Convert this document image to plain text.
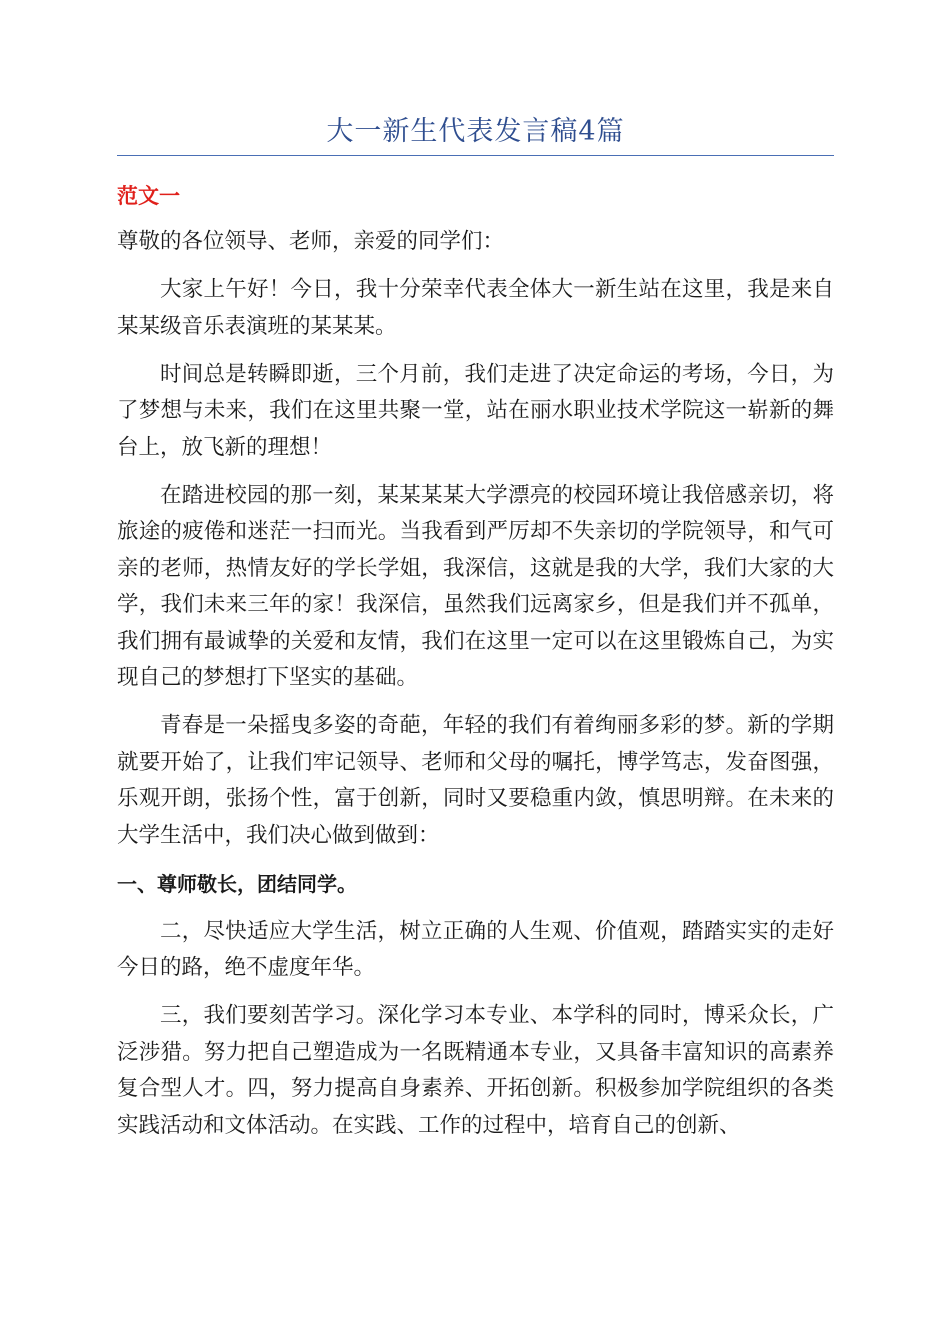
大一新生代表发言稿4篇
范文一

尊敬的各位领导、老师，亲爱的同学们：

大家上午好！今日，我十分荣幸代表全体大一新生站在这里，我是来自某某级音乐表演班的某某某。

时间总是转瞬即逝，三个月前，我们走进了决定命运的考场，今日，为了梦想与未来，我们在这里共聚一堂，站在丽水职业技术学院这一崭新的舞台上，放飞新的理想！

在踏进校园的那一刻，某某某某大学漂亮的校园环境让我倍感亲切，将旅途的疲倦和迷茫一扫而光。当我看到严厉却不失亲切的学院领导，和气可亲的老师，热情友好的学长学姐，我深信，这就是我的大学，我们大家的大学，我们未来三年的家！我深信，虽然我们远离家乡，但是我们并不孤单，我们拥有最诚挚的关爱和友情，我们在这里一定可以在这里锻炼自己，为实现自己的梦想打下坚实的基础。

青春是一朵摇曳多姿的奇葩，年轻的我们有着绚丽多彩的梦。新的学期就要开始了，让我们牢记领导、老师和父母的嘱托，博学笃志，发奋图强，乐观开朗，张扬个性，富于创新，同时又要稳重内敛，慎思明辩。在未来的大学生活中，我们决心做到做到：

一、尊师敬长，团结同学。

二，尽快适应大学生活，树立正确的人生观、价值观，踏踏实实的走好今日的路，绝不虚度年华。

三，我们要刻苦学习。深化学习本专业、本学科的同时，博采众长，广泛涉猎。努力把自己塑造成为一名既精通本专业，又具备丰富知识的高素养复合型人才。四，努力提高自身素养、开拓创新。积极参加学院组织的各类实践活动和文体活动。在实践、工作的过程中，培育自己的创新、
